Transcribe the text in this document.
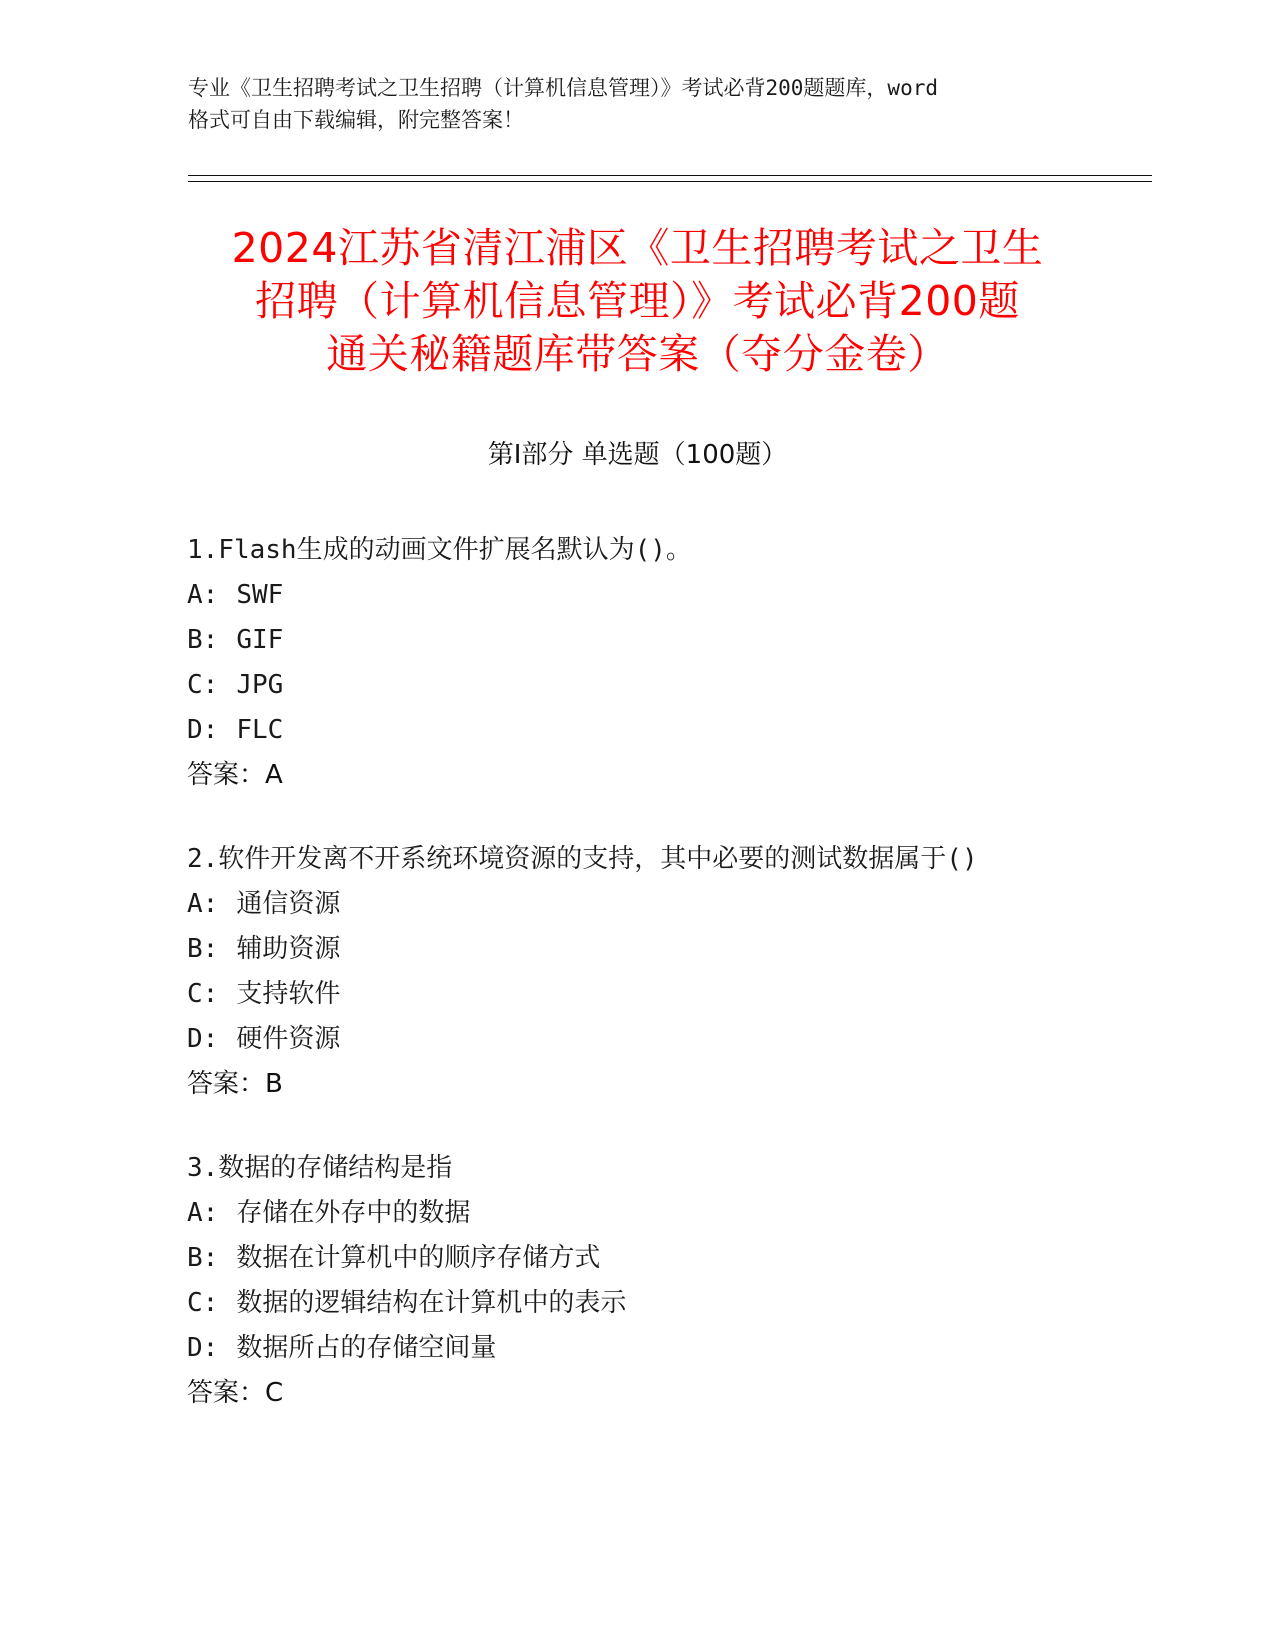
专业《卫生招聘考试之卫生招聘（计算机信息管理）》考试必背200题题库，word
格式可自由下载编辑，附完整答案！
2024江苏省清江浦区《卫生招聘考试之卫生
招聘（计算机信息管理）》考试必背200题
通关秘籍题库带答案（夺分金卷）
第Ⅰ部分 单选题（100题）
1.Flash生成的动画文件扩展名默认为()。
A: SWF
B: GIF
C: JPG
D: FLC
答案：A
2.软件开发离不开系统环境资源的支持，其中必要的测试数据属于()
A: 通信资源
B: 辅助资源
C: 支持软件
D: 硬件资源
答案：B
3.数据的存储结构是指
A: 存储在外存中的数据
B: 数据在计算机中的顺序存储方式
C: 数据的逻辑结构在计算机中的表示
D: 数据所占的存储空间量
答案：C
